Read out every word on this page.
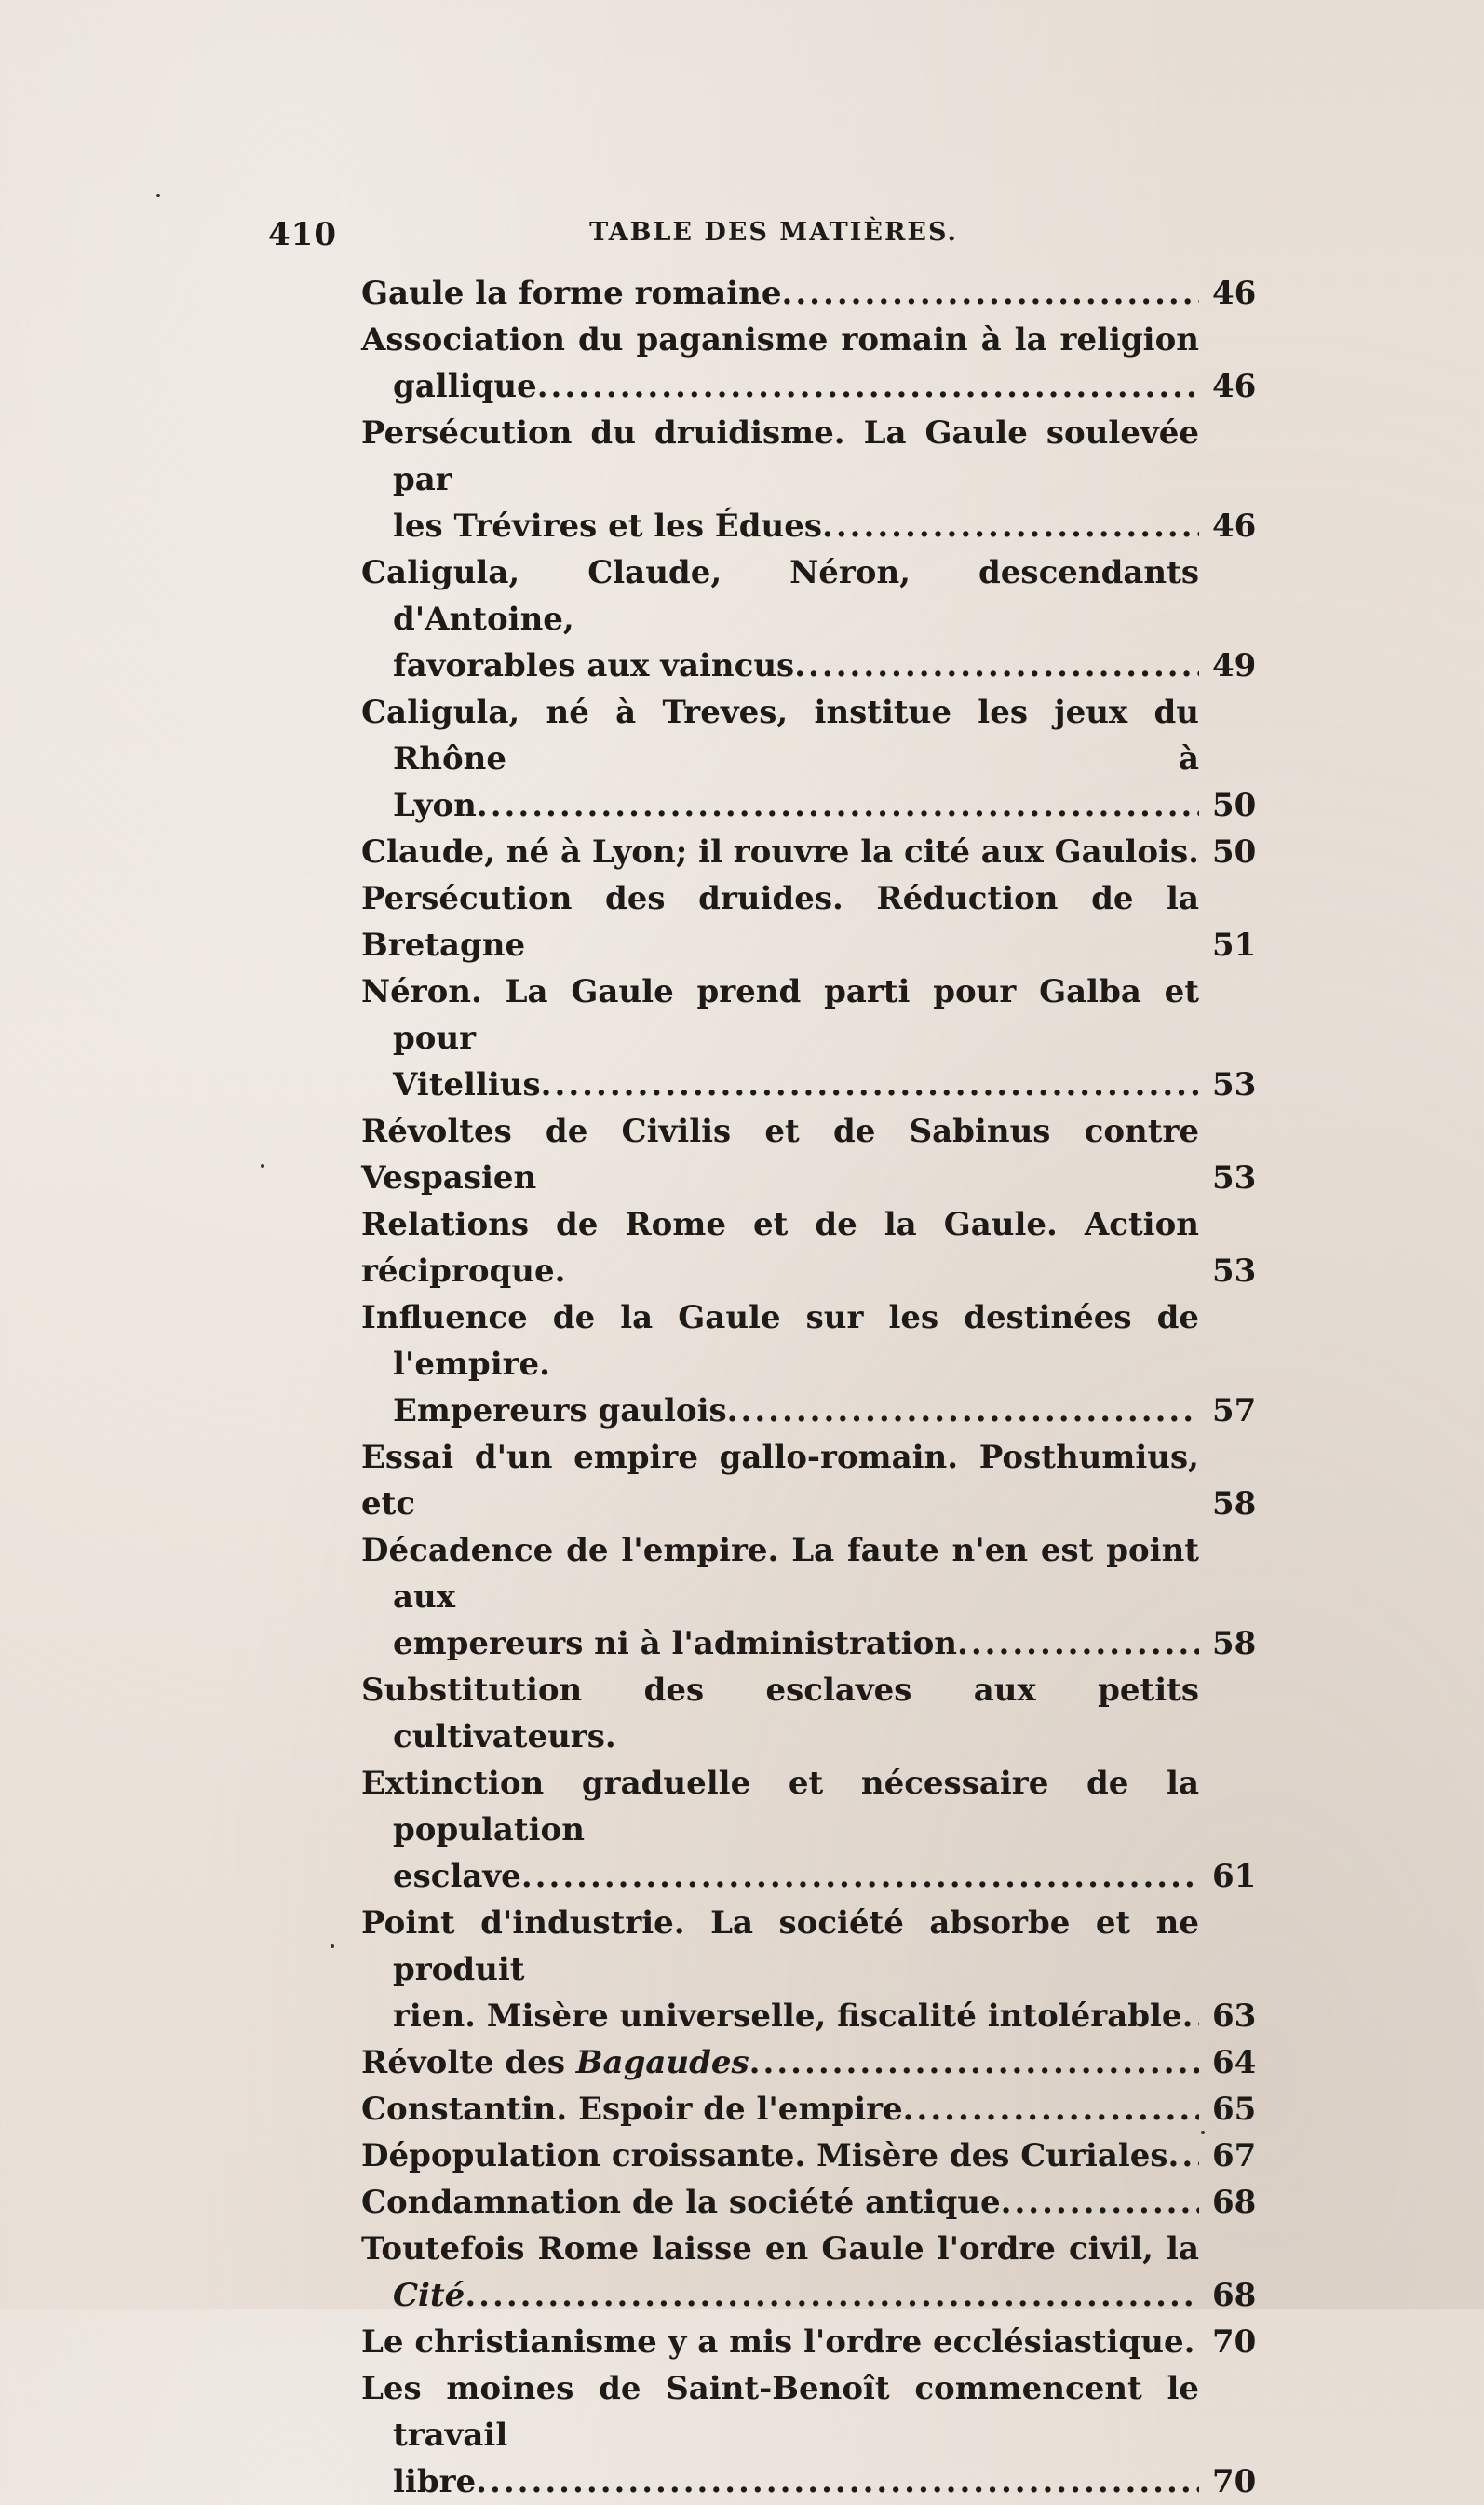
410	TABLE DES MATIÈRES.
Gaule la forme romaine .....	46
Association du paganisme romain à la religion
gallique .....	46
Persécution du druidisme. La Gaule soulevée par
les Trévires et les Édues .....	46
Caligula, Claude, Néron, descendants d'Antoine,
favorables aux vaincus .....	49
Caligula, né à Treves, institue les jeux du Rhône à
Lyon .....	50
Claude, né à Lyon; il rouvre la cité aux Gaulois ..... 50
Persécution des druides. Réduction de la Bretagne	51
Néron. La Gaule prend parti pour Galba et pour
Vitellius .....	53
Révoltes de Civilis et de Sabinus contre Vespasien	53
Relations de Rome et de la Gaule. Action réciproque.	53
Influence de la Gaule sur les destinées de l'empire.
Empereurs gaulois .....	57
Essai d'un empire gallo-romain. Posthumius, etc	58
Décadence de l'empire. La faute n'en est point aux
empereurs ni à l'administration .....	58
Substitution des esclaves aux petits cultivateurs.
Extinction graduelle et nécessaire de la population
esclave .....	61
Point d'industrie. La société absorbe et ne produit
rien. Misère universelle, fiscalité intolérable ..... 63
Révolte des Bagaudes .....	64
Constantin. Espoir de l'empire .....	65
Dépopulation croissante. Misère des Curiales ..... 67
Condamnation de la société antique .....	68
Toutefois Rome laisse en Gaule l'ordre civil, la
Cité .....	68
Le christianisme y a mis l'ordre ecclésiastique ..... 70
Les moines de Saint-Benoît commencent le travail
libre .....	70
